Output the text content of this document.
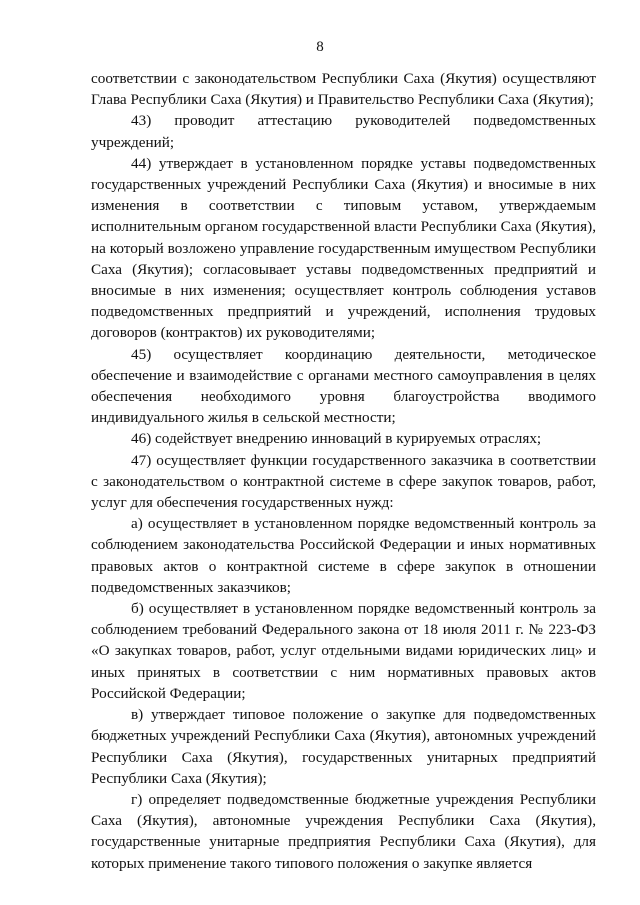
8

соответствии с законодательством Республики Саха (Якутия) осуществляют Глава Республики Саха (Якутия) и Правительство Республики Саха (Якутия);

43) проводит аттестацию руководителей подведомственных учреждений;

44) утверждает в установленном порядке уставы подведомственных государственных учреждений Республики Саха (Якутия) и вносимые в них изменения в соответствии с типовым уставом, утверждаемым исполнительным органом государственной власти Республики Саха (Якутия), на который возложено управление государственным имуществом Республики Саха (Якутия); согласовывает уставы подведомственных предприятий и вносимые в них изменения; осуществляет контроль соблюдения уставов подведомственных предприятий и учреждений, исполнения трудовых договоров (контрактов) их руководителями;

45) осуществляет координацию деятельности, методическое обеспечение и взаимодействие с органами местного самоуправления в целях обеспечения необходимого уровня благоустройства вводимого индивидуального жилья в сельской местности;

46) содействует внедрению инноваций в курируемых отраслях;

47) осуществляет функции государственного заказчика в соответствии с законодательством о контрактной системе в сфере закупок товаров, работ, услуг для обеспечения государственных нужд:

а) осуществляет в установленном порядке ведомственный контроль за соблюдением законодательства Российской Федерации и иных нормативных правовых актов о контрактной системе в сфере закупок в отношении подведомственных заказчиков;

б) осуществляет в установленном порядке ведомственный контроль за соблюдением требований Федерального закона от 18 июля 2011 г. № 223-ФЗ «О закупках товаров, работ, услуг отдельными видами юридических лиц» и иных принятых в соответствии с ним нормативных правовых актов Российской Федерации;

в) утверждает типовое положение о закупке для подведомственных бюджетных учреждений Республики Саха (Якутия), автономных учреждений Республики Саха (Якутия), государственных унитарных предприятий Республики Саха (Якутия);

г) определяет подведомственные бюджетные учреждения Республики Саха (Якутия), автономные учреждения Республики Саха (Якутия), государственные унитарные предприятия Республики Саха (Якутия), для которых применение такого типового положения о закупке является
